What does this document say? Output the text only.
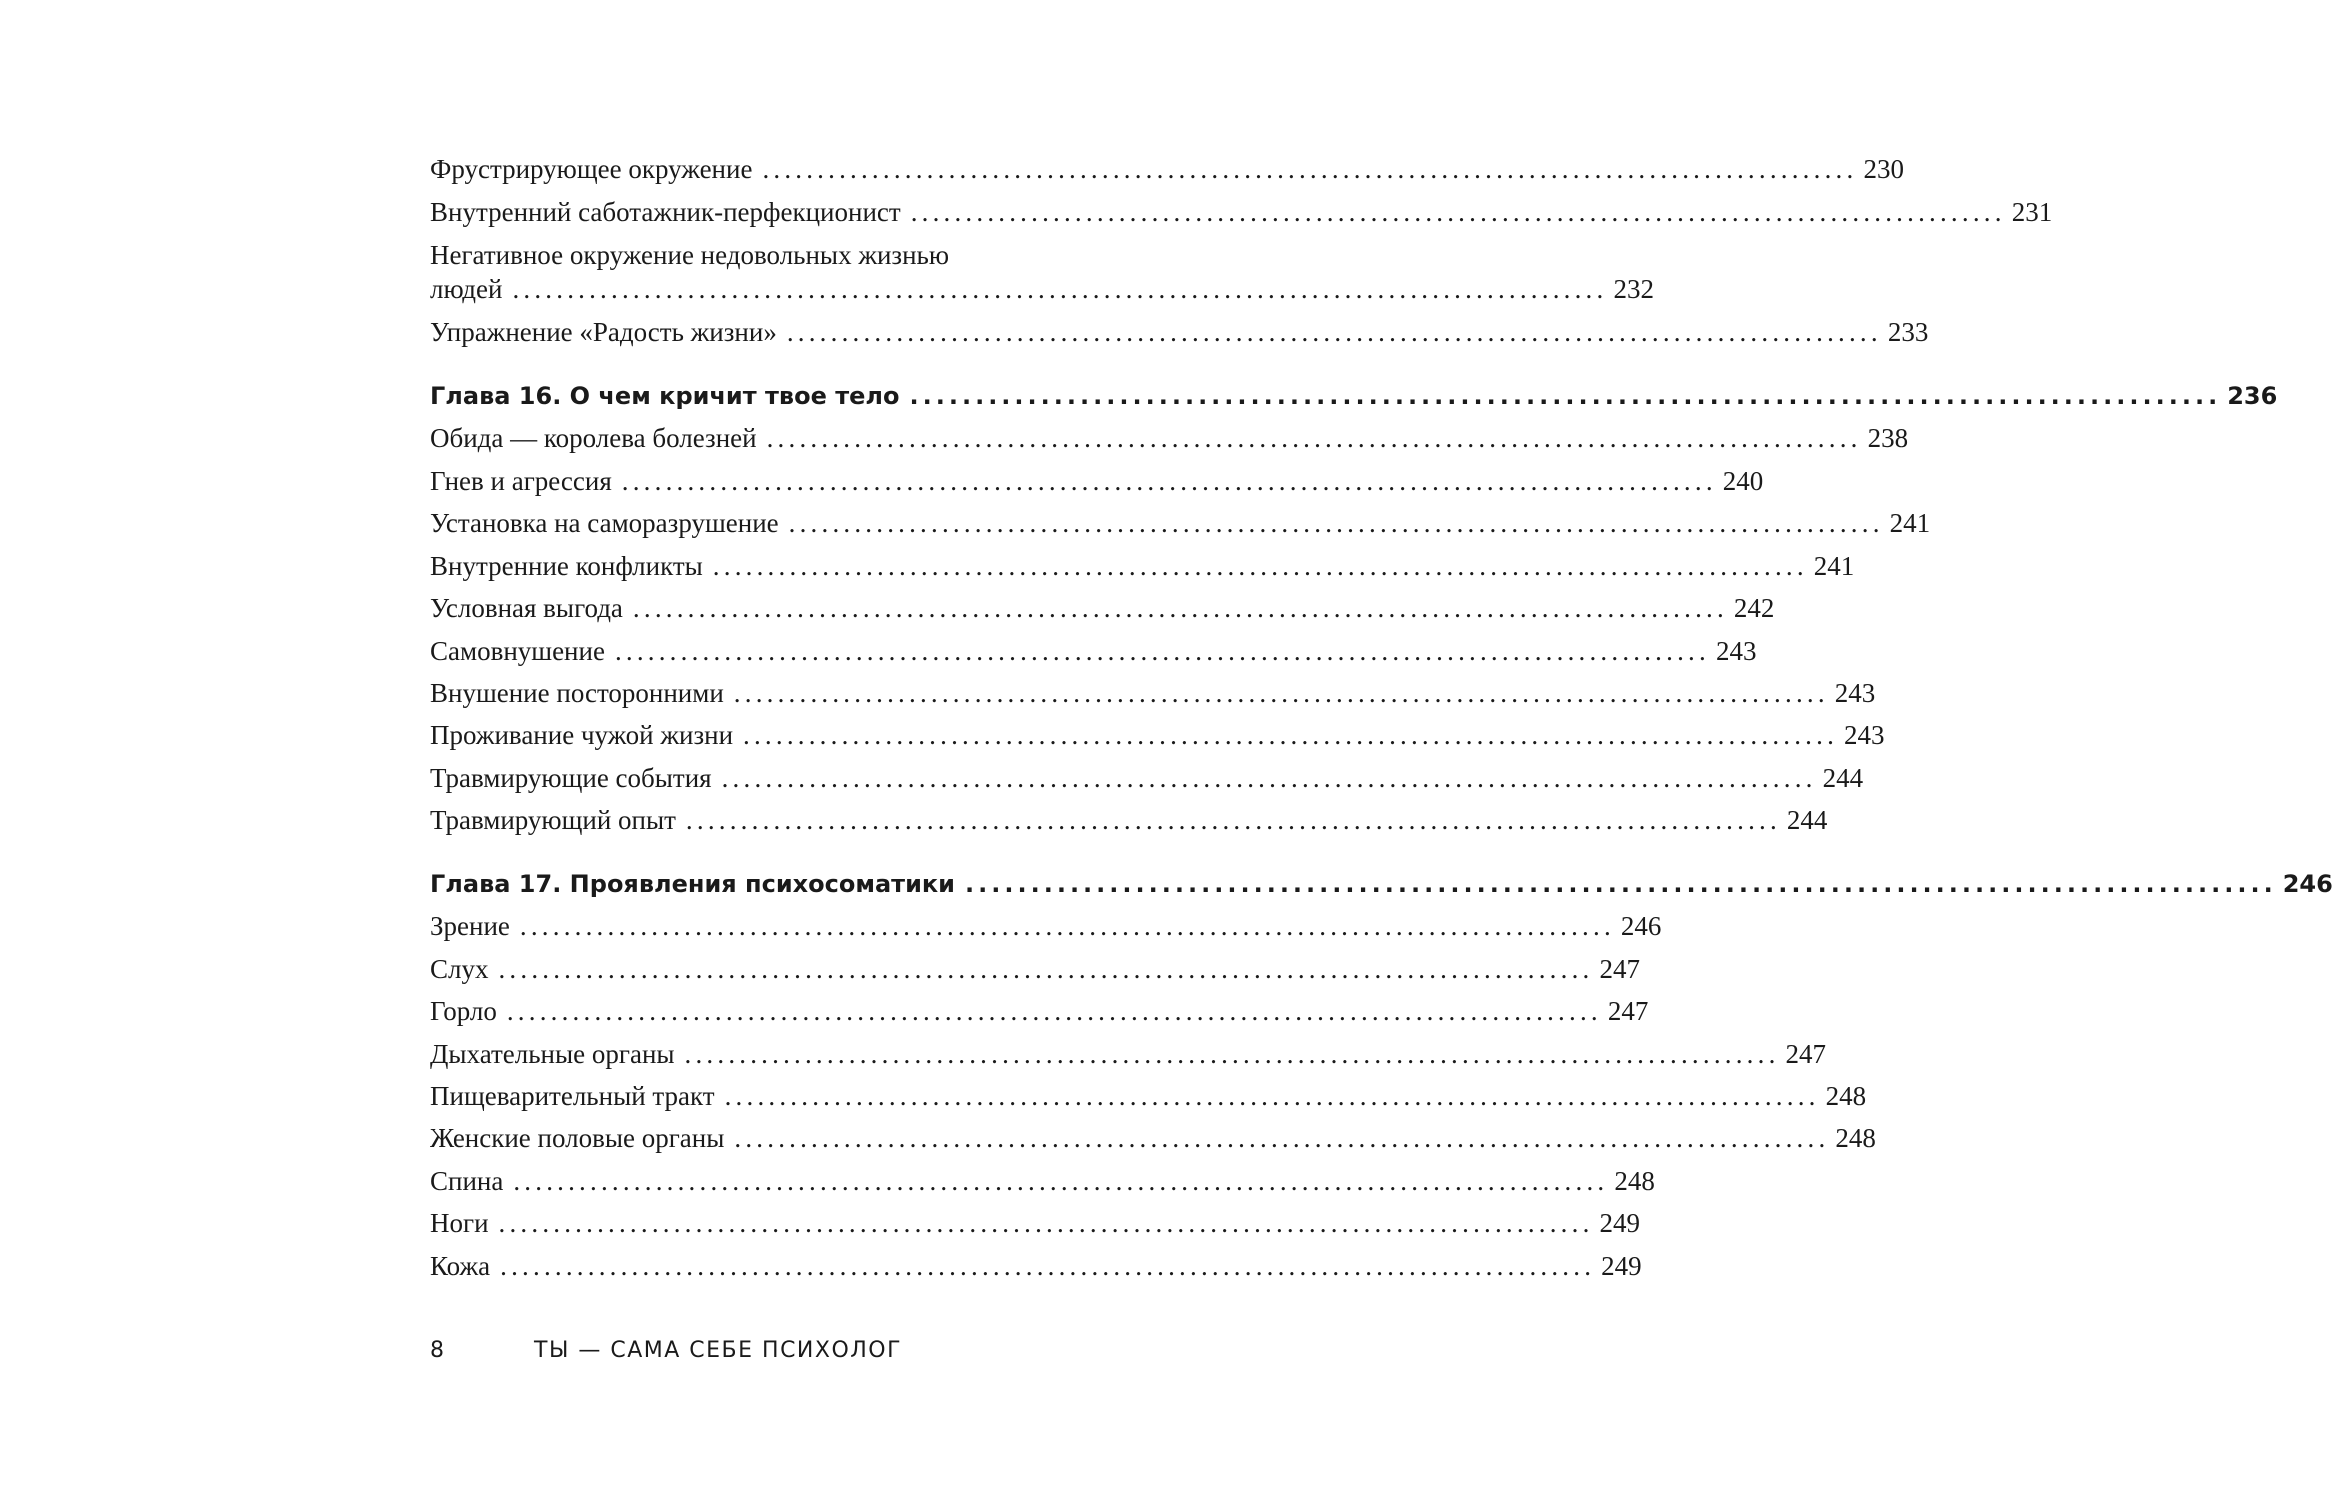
Фрустрирующее окружение .................................................................................................... 230
Внутренний саботажник-перфекционист .................................................................................................... 231
Негативное окружение недовольных жизнью
людей .................................................................................................... 232
Упражнение «Радость жизни» .................................................................................................... 233
Глава 16. О чем кричит твое тело .................................................................................................... 236
Обида — королева болезней .................................................................................................... 238
Гнев и агрессия .................................................................................................... 240
Установка на саморазрушение .................................................................................................... 241
Внутренние конфликты .................................................................................................... 241
Условная выгода .................................................................................................... 242
Самовнушение .................................................................................................... 243
Внушение посторонними .................................................................................................... 243
Проживание чужой жизни .................................................................................................... 243
Травмирующие события .................................................................................................... 244
Травмирующий опыт .................................................................................................... 244
Глава 17. Проявления психосоматики .................................................................................................... 246
Зрение .................................................................................................... 246
Слух .................................................................................................... 247
Горло .................................................................................................... 247
Дыхательные органы .................................................................................................... 247
Пищеварительный тракт .................................................................................................... 248
Женские половые органы .................................................................................................... 248
Спина .................................................................................................... 248
Ноги .................................................................................................... 249
Кожа .................................................................................................... 249
8	ТЫ — САМА СЕБЕ ПСИХОЛОГ
